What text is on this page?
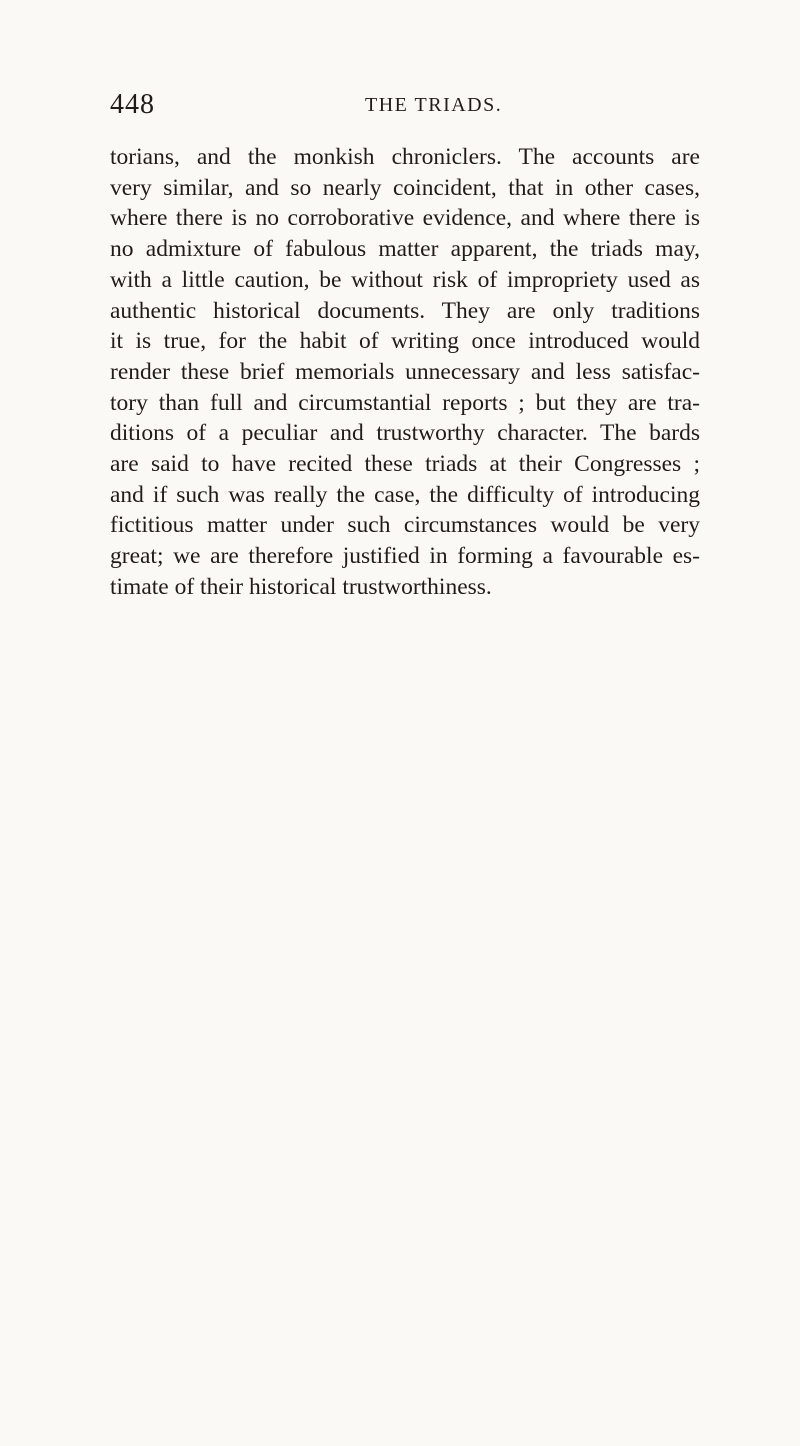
448	THE TRIADS.
torians, and the monkish chroniclers. The accounts are
very similar, and so nearly coincident, that in other cases,
where there is no corroborative evidence, and where there is
no admixture of fabulous matter apparent, the triads may,
with a little caution, be without risk of impropriety used as
authentic historical documents. They are only traditions
it is true, for the habit of writing once introduced would
render these brief memorials unnecessary and less satisfac-
tory than full and circumstantial reports ; but they are tra-
ditions of a peculiar and trustworthy character. The bards
are said to have recited these triads at their Congresses ;
and if such was really the case, the difficulty of introducing
fictitious matter under such circumstances would be very
great; we are therefore justified in forming a favourable es-
timate of their historical trustworthiness.
